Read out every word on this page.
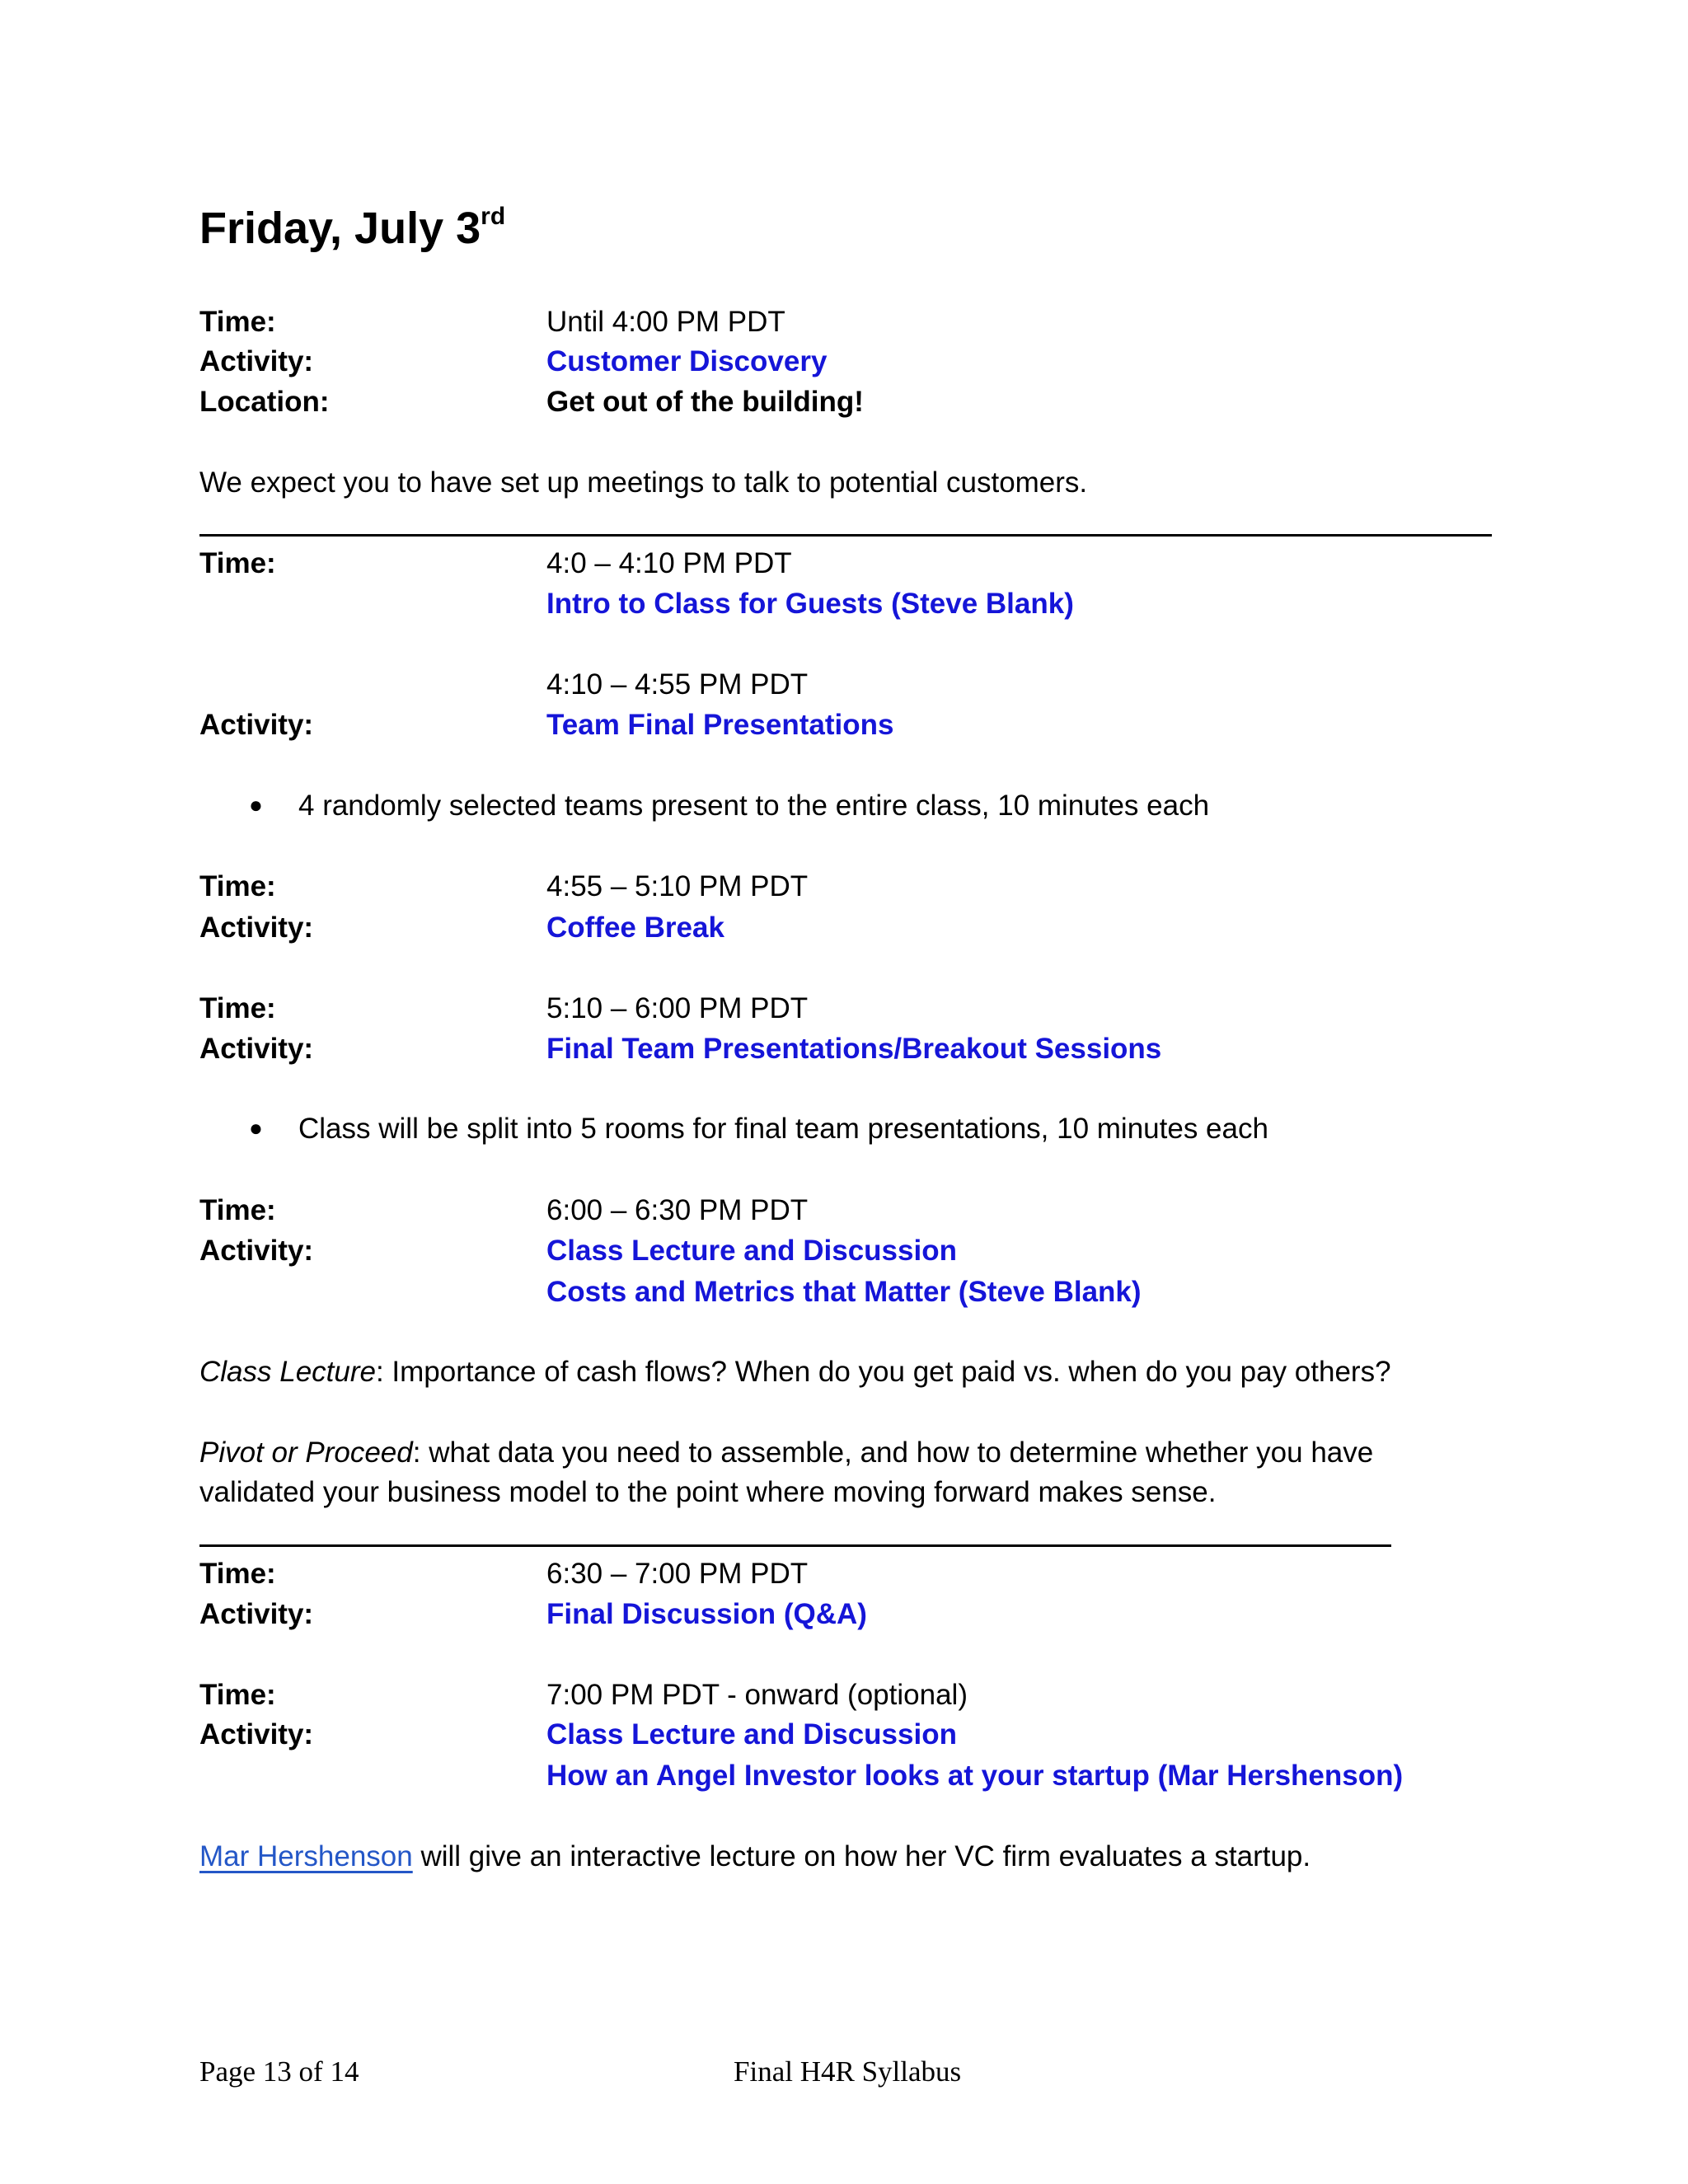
Friday, July 3rd
Time:	Until 4:00 PM PDT
Activity:	Customer Discovery
Location:	Get out of the building!
We expect you to have set up meetings to talk to potential customers.
Time:	4:0 – 4:10 PM PDT
Intro to Class for Guests (Steve Blank)
4:10 – 4:55 PM PDT
Activity:	Team Final Presentations
● 4 randomly selected teams present to the entire class, 10 minutes each
Time:	4:55 – 5:10 PM PDT
Activity:	Coffee Break
Time:	5:10 – 6:00 PM PDT
Activity:	Final Team Presentations/Breakout Sessions
● Class will be split into 5 rooms for final team presentations, 10 minutes each
Time:	6:00 – 6:30 PM PDT
Activity:	Class Lecture and Discussion
Costs and Metrics that Matter (Steve Blank)
Class Lecture: Importance of cash flows? When do you get paid vs. when do you pay others?
Pivot or Proceed: what data you need to assemble, and how to determine whether you have
validated your business model to the point where moving forward makes sense.
Time:	6:30 – 7:00 PM PDT
Activity:	Final Discussion (Q&A)
Time:	7:00 PM PDT - onward (optional)
Activity:	Class Lecture and Discussion
How an Angel Investor looks at your startup (Mar Hershenson)
Mar Hershenson will give an interactive lecture on how her VC firm evaluates a startup.
Page 13 of 14	Final H4R Syllabus
